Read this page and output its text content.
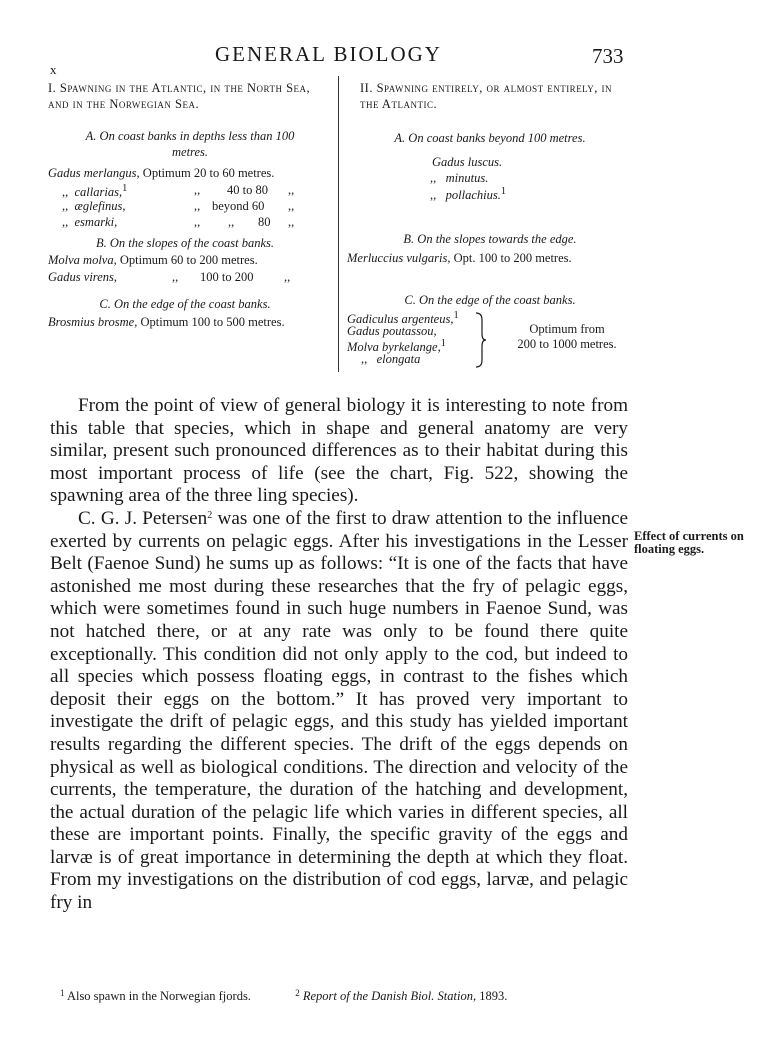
GENERAL BIOLOGY	733
x
I. Spawning in the Atlantic, in the North Sea, and in the Norwegian Sea.
A. On coast banks in depths less than 100 metres.
Gadus merlangus, Optimum 20 to 60 metres.
,, callarias,$^1$	,, 40 to 80 ,,
,, æglefinus,	,, beyond 60 ,,
,, esmarki,	,, ,, 80 ,,
B. On the slopes of the coast banks.
Molva molva, Optimum 60 to 200 metres.
Gadus virens,	,, 100 to 200 ,,
C. On the edge of the coast banks.
Brosmius brosme, Optimum 100 to 500 metres.
II. Spawning entirely, or almost entirely, in the Atlantic.
A. On coast banks beyond 100 metres.
Gadus luscus.
,, minutus.
,, pollachius.$^1$
B. On the slopes towards the edge.
Merluccius vulgaris, Opt. 100 to 200 metres.
C. On the edge of the coast banks.
Gadiculus argenteus,$^1$
Gadus poutassou,
Molva byrkelange,$^1$
,, elongata
Optimum from
200 to 1000 metres.

From the point of view of general biology it is interesting to note from this table that species, which in shape and general anatomy are very similar, present such pronounced differences as to their habitat during this most important process of life (see the chart, Fig. 522, showing the spawning area of the three ling species).

C. G. J. Petersen$^2$ was one of the first to draw attention to the influence exerted by currents on pelagic eggs. After his investigations in the Lesser Belt (Faenoe Sund) he sums up as follows: “It is one of the facts that have astonished me most during these researches that the fry of pelagic eggs, which were sometimes found in such huge numbers in Faenoe Sund, was not hatched there, or at any rate was only to be found there quite exceptionally. This condition did not only apply to the cod, but indeed to all species which possess floating eggs, in contrast to the fishes which deposit their eggs on the bottom.” It has proved very important to investigate the drift of pelagic eggs, and this study has yielded important results regarding the different species. The drift of the eggs depends on physical as well as biological conditions. The direction and velocity of the currents, the temperature, the duration of the hatching and development, the actual duration of the pelagic life which varies in different species, all these are important points. Finally, the specific gravity of the eggs and larvæ is of great importance in determining the depth at which they float. From my investigations on the distribution of cod eggs, larvæ, and pelagic fry in

Effect of currents on floating eggs.
$^1$ Also spawn in the Norwegian fjords.	$^2$ Report of the Danish Biol. Station, 1893.
